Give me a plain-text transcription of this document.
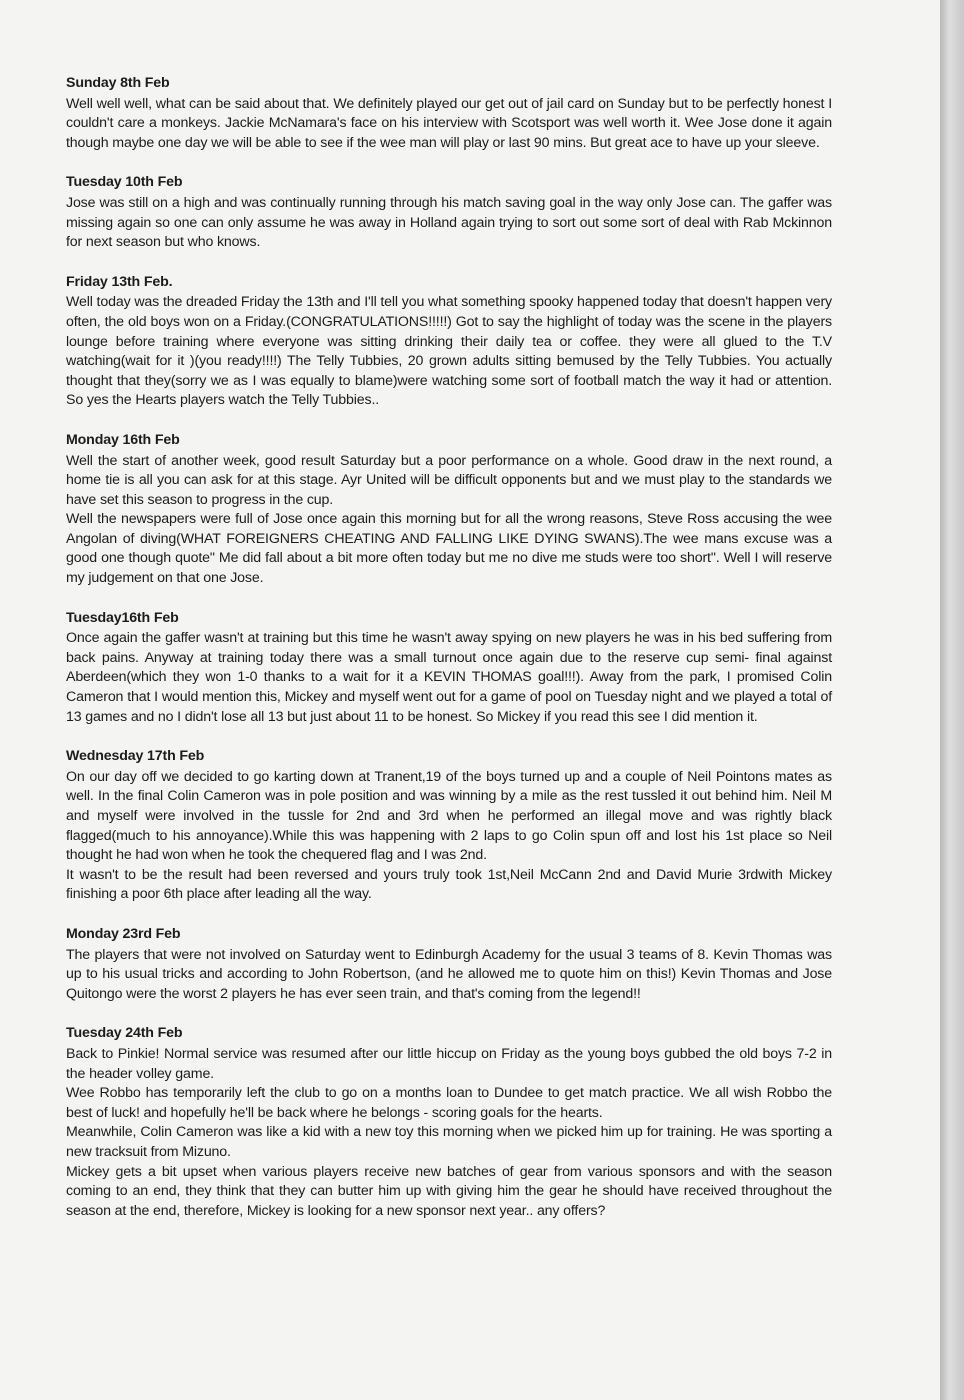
Sunday 8th Feb
Well well well, what can be said about that. We definitely played our get out of jail card on Sunday but to be perfectly honest I couldn't care a monkeys. Jackie McNamara's face on his interview with Scotsport was well worth it. Wee Jose done it again though maybe one day we will be able to see if the wee man will play or last 90 mins. But great ace to have up your sleeve.
Tuesday 10th Feb
Jose was still on a high and was continually running through his match saving goal in the way only Jose can. The gaffer was missing again so one can only assume he was away in Holland again trying to sort out some sort of deal with Rab Mckinnon for next season but who knows.
Friday 13th Feb.
Well today was the dreaded Friday the 13th and I'll tell you what something spooky happened today that doesn't happen very often, the old boys won on a Friday.(CONGRATULATIONS!!!!!) Got to say the highlight of today was the scene in the players lounge before training where everyone was sitting drinking their daily tea or coffee. they were all glued to the T.V watching(wait for it )(you ready!!!!) The Telly Tubbies, 20 grown adults sitting bemused by the Telly Tubbies. You actually thought that they(sorry we as I was equally to blame)were watching some sort of football match the way it had or attention. So yes the Hearts players watch the Telly Tubbies..
Monday 16th Feb
Well the start of another week, good result Saturday but a poor performance on a whole. Good draw in the next round, a home tie is all you can ask for at this stage. Ayr United will be difficult opponents but and we must play to the standards we have set this season to progress in the cup.
Well the newspapers were full of Jose once again this morning but for all the wrong reasons, Steve Ross accusing the wee Angolan of diving(WHAT FOREIGNERS CHEATING AND FALLING LIKE DYING SWANS).The wee mans excuse was a good one though quote" Me did fall about a bit more often today but me no dive me studs were too short". Well I will reserve my judgement on that one Jose.
Tuesday16th Feb
Once again the gaffer wasn't at training but this time he wasn't away spying on new players he was in his bed suffering from back pains. Anyway at training today there was a small turnout once again due to the reserve cup semi- final against Aberdeen(which they won 1-0 thanks to a wait for it a KEVIN THOMAS goal!!!). Away from the park, I promised Colin Cameron that I would mention this, Mickey and myself went out for a game of pool on Tuesday night and we played a total of 13 games and no I didn't lose all 13 but just about 11 to be honest. So Mickey if you read this see I did mention it.
Wednesday 17th Feb
On our day off we decided to go karting down at Tranent,19 of the boys turned up and a couple of Neil Pointons mates as well. In the final Colin Cameron was in pole position and was winning by a mile as the rest tussled it out behind him. Neil M and myself were involved in the tussle for 2nd and 3rd when he performed an illegal move and was rightly black flagged(much to his annoyance).While this was happening with 2 laps to go Colin spun off and lost his 1st place so Neil thought he had won when he took the chequered flag and I was 2nd.
It wasn't to be the result had been reversed and yours truly took 1st,Neil McCann 2nd and David Murie 3rdwith Mickey finishing a poor 6th place after leading all the way.
Monday 23rd Feb
The players that were not involved on Saturday went to Edinburgh Academy for the usual 3 teams of 8. Kevin Thomas was up to his usual tricks and according to John Robertson, (and he allowed me to quote him on this!) Kevin Thomas and Jose Quitongo were the worst 2 players he has ever seen train, and that's coming from the legend!!
Tuesday 24th Feb
Back to Pinkie! Normal service was resumed after our little hiccup on Friday as the young boys gubbed the old boys 7-2 in the header volley game.
Wee Robbo has temporarily left the club to go on a months loan to Dundee to get match practice. We all wish Robbo the best of luck! and hopefully he'll be back where he belongs - scoring goals for the hearts.
Meanwhile, Colin Cameron was like a kid with a new toy this morning when we picked him up for training. He was sporting a new tracksuit from Mizuno.
Mickey gets a bit upset when various players receive new batches of gear from various sponsors and with the season coming to an end, they think that they can butter him up with giving him the gear he should have received throughout the season at the end, therefore, Mickey is looking for a new sponsor next year.. any offers?
